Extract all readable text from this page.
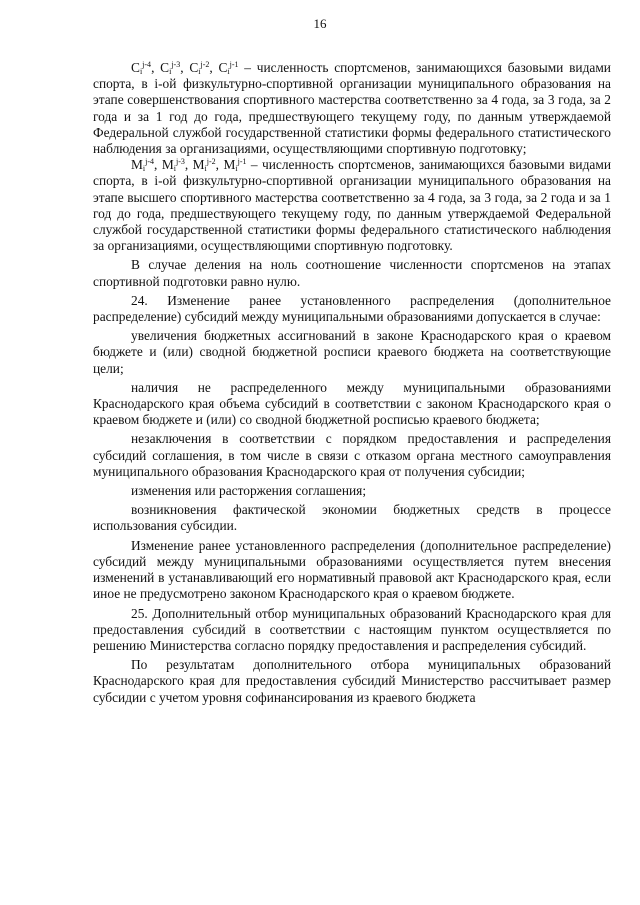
16

$C_i^{j-4}$, $C_i^{j-3}$, $C_i^{j-2}$, $C_i^{j-1}$ – численность спортсменов, занимающихся базовыми видами спорта, в i-ой физкультурно-спортивной организации муниципального образования на этапе совершенствования спортивного мастерства соответственно за 4 года, за 3 года, за 2 года и за 1 год до года, предшествующего текущему году, по данным утверждаемой Федеральной службой государственной статистики формы федерального статистического наблюдения за организациями, осуществляющими спортивную подготовку;

$M_i^{j-4}$, $M_i^{j-3}$, $M_i^{j-2}$, $M_i^{j-1}$ – численность спортсменов, занимающихся базовыми видами спорта, в i-ой физкультурно-спортивной организации муниципального образования на этапе высшего спортивного мастерства соответственно за 4 года, за 3 года, за 2 года и за 1 год до года, предшествующего текущему году, по данным утверждаемой Федеральной службой государственной статистики формы федерального статистического наблюдения за организациями, осуществляющими спортивную подготовку.

В случае деления на ноль соотношение численности спортсменов на этапах спортивной подготовки равно нулю.

24. Изменение ранее установленного распределения (дополнительное распределение) субсидий между муниципальными образованиями допускается в случае:

увеличения бюджетных ассигнований в законе Краснодарского края о краевом бюджете и (или) сводной бюджетной росписи краевого бюджета на соответствующие цели;

наличия не распределенного между муниципальными образованиями Краснодарского края объема субсидий в соответствии с законом Краснодарского края о краевом бюджете и (или) со сводной бюджетной росписью краевого бюджета;

незаключения в соответствии с порядком предоставления и распределения субсидий соглашения, в том числе в связи с отказом органа местного самоуправления муниципального образования Краснодарского края от получения субсидии;

изменения или расторжения соглашения;

возникновения фактической экономии бюджетных средств в процессе использования субсидии.

Изменение ранее установленного распределения (дополнительное распределение) субсидий между муниципальными образованиями осуществляется путем внесения изменений в устанавливающий его нормативный правовой акт Краснодарского края, если иное не предусмотрено законом Краснодарского края о краевом бюджете.

25. Дополнительный отбор муниципальных образований Краснодарского края для предоставления субсидий в соответствии с настоящим пунктом осуществляется по решению Министерства согласно порядку предоставления и распределения субсидий.

По результатам дополнительного отбора муниципальных образований Краснодарского края для предоставления субсидий Министерство рассчитывает размер субсидии с учетом уровня софинансирования из краевого бюджета
